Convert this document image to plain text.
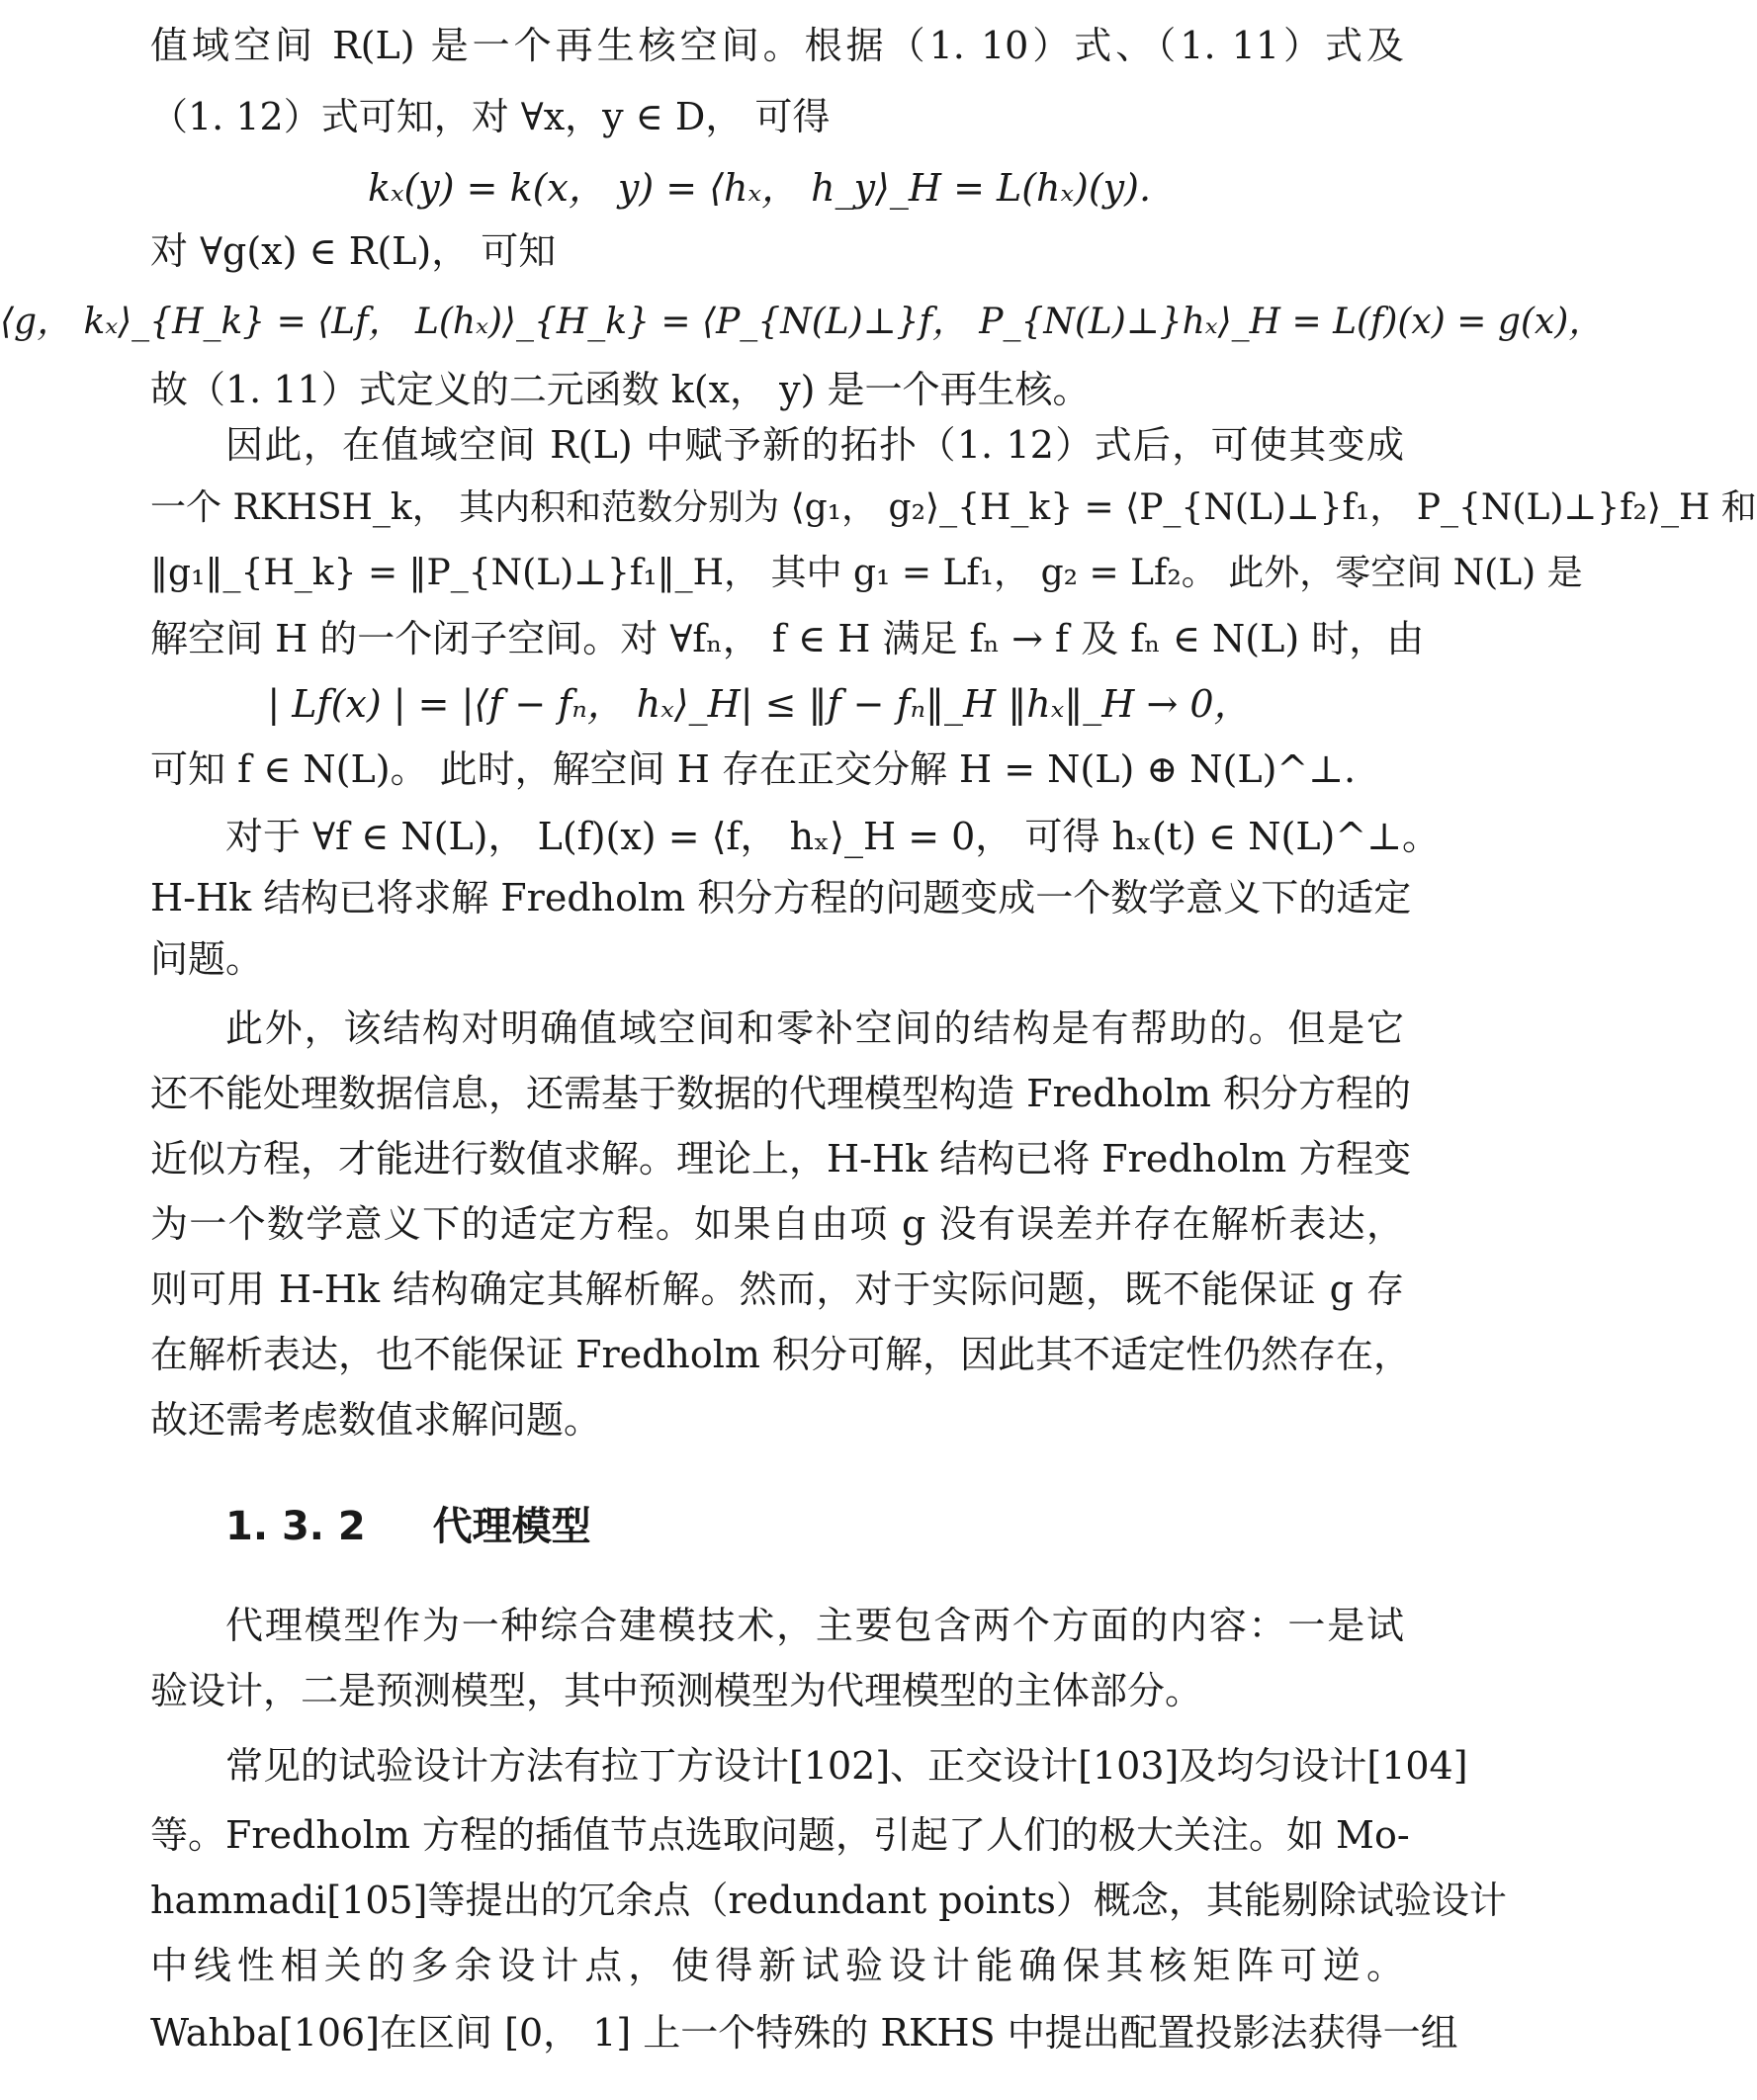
值域空间 R(L) 是一个再生核空间。根据（1. 10）式、（1. 11）式及
（1. 12）式可知，对 ∀x，y ∈ D， 可得
kₓ(y) = k(x， y) = ⟨hₓ， h_y⟩_H = L(hₓ)(y).
对 ∀g(x) ∈ R(L)， 可知
⟨g， kₓ⟩_{H_k} = ⟨Lf， L(hₓ)⟩_{H_k} = ⟨P_{N(L)⊥}f， P_{N(L)⊥}hₓ⟩_H = L(f)(x) = g(x)，
故（1. 11）式定义的二元函数 k(x， y) 是一个再生核。
因此，在值域空间 R(L) 中赋予新的拓扑（1. 12）式后，可使其变成
一个 RKHSH_k， 其内积和范数分别为 ⟨g₁， g₂⟩_{H_k} = ⟨P_{N(L)⊥}f₁， P_{N(L)⊥}f₂⟩_H 和
‖g₁‖_{H_k} = ‖P_{N(L)⊥}f₁‖_H， 其中 g₁ = Lf₁， g₂ = Lf₂。 此外，零空间 N(L) 是
解空间 H 的一个闭子空间。对 ∀fₙ， f ∈ H 满足 fₙ → f 及 fₙ ∈ N(L) 时，由
| Lf(x) | = |⟨f − fₙ， hₓ⟩_H| ≤ ‖f − fₙ‖_H ‖hₓ‖_H → 0，
可知 f ∈ N(L)。 此时，解空间 H 存在正交分解 H = N(L) ⊕ N(L)^⊥.
对于 ∀f ∈ N(L)， L(f)(x) = ⟨f， hₓ⟩_H = 0， 可得 hₓ(t) ∈ N(L)^⊥。
H-Hk 结构已将求解 Fredholm 积分方程的问题变成一个数学意义下的适定
问题。
此外，该结构对明确值域空间和零补空间的结构是有帮助的。但是它
还不能处理数据信息，还需基于数据的代理模型构造 Fredholm 积分方程的
近似方程，才能进行数值求解。理论上，H-Hk 结构已将 Fredholm 方程变
为一个数学意义下的适定方程。如果自由项 g 没有误差并存在解析表达，
则可用 H-Hk 结构确定其解析解。然而，对于实际问题，既不能保证 g 存
在解析表达，也不能保证 Fredholm 积分可解，因此其不适定性仍然存在，
故还需考虑数值求解问题。
1. 3. 2 代理模型
代理模型作为一种综合建模技术，主要包含两个方面的内容：一是试
验设计，二是预测模型，其中预测模型为代理模型的主体部分。
常见的试验设计方法有拉丁方设计[102]、正交设计[103]及均匀设计[104]
等。Fredholm 方程的插值节点选取问题，引起了人们的极大关注。如 Mo-
hammadi[105]等提出的冗余点（redundant points）概念，其能剔除试验设计
中线性相关的多余设计点，使得新试验设计能确保其核矩阵可逆。
Wahba[106]在区间 [0， 1] 上一个特殊的 RKHS 中提出配置投影法获得一组
